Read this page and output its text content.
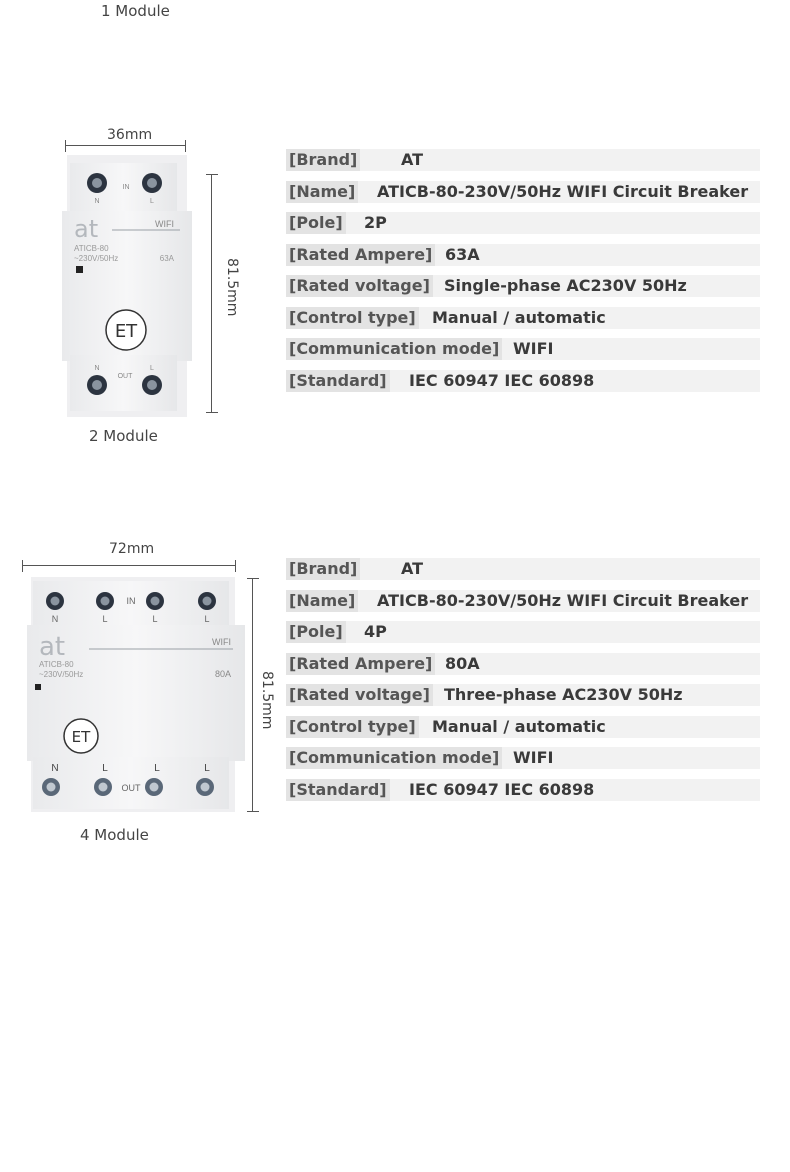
1 Module
36mm
81.5mm
N	L
IN
N	L
OUT
at	WIFI
ATICB-80
~230V/50Hz	63A
ET
2 Module
[Brand]	AT
[Name] ATICB-80-230V/50Hz WIFI Circuit Breaker
[Pole] 2P
[Rated Ampere] 63A
[Rated voltage] Single-phase AC230V 50Hz
[Control type] Manual / automatic
[Communication mode] WIFI
[Standard] IEC 60947 IEC 60898
72mm
81.5mm
N	L	L	L
IN
N	L	L	L
OUT
at	WIFI
ATICB-80
~230V/50Hz	80A
ET
4 Module
[Brand]	AT
[Name] ATICB-80-230V/50Hz WIFI Circuit Breaker
[Pole] 4P
[Rated Ampere] 80A
[Rated voltage] Three-phase AC230V 50Hz
[Control type] Manual / automatic
[Communication mode] WIFI
[Standard] IEC 60947 IEC 60898
